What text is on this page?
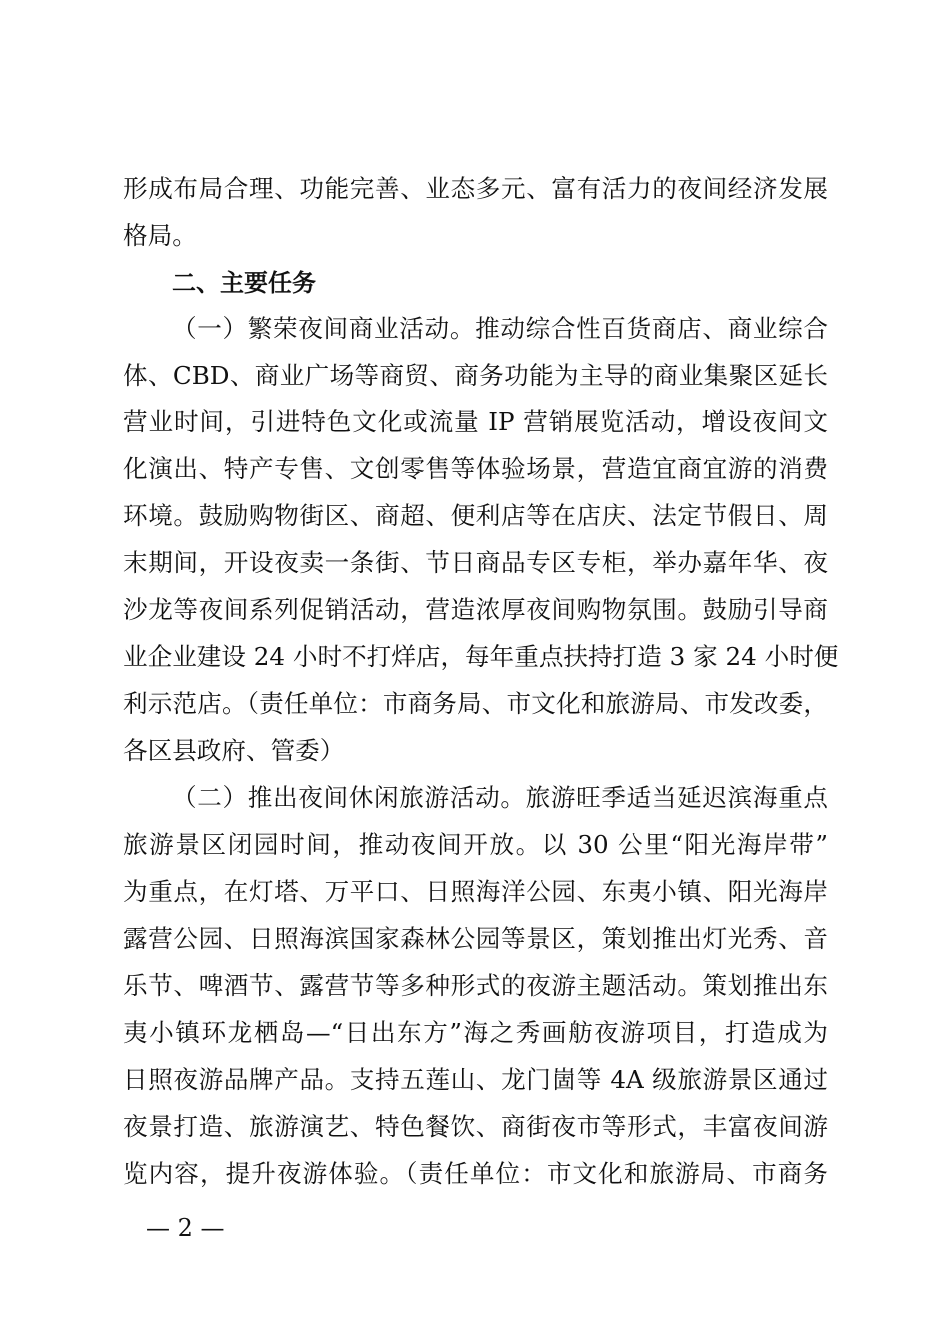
形成布局合理、功能完善、业态多元、富有活力的夜间经济发展
格局。
二、主要任务
（一）繁荣夜间商业活动。推动综合性百货商店、商业综合
体、CBD、商业广场等商贸、商务功能为主导的商业集聚区延长
营业时间，引进特色文化或流量 IP 营销展览活动，增设夜间文
化演出、特产专售、文创零售等体验场景，营造宜商宜游的消费
环境。鼓励购物街区、商超、便利店等在店庆、法定节假日、周
末期间，开设夜卖一条街、节日商品专区专柜，举办嘉年华、夜
沙龙等夜间系列促销活动，营造浓厚夜间购物氛围。鼓励引导商
业企业建设 24 小时不打烊店，每年重点扶持打造 3 家 24 小时便
利示范店。（责任单位：市商务局、市文化和旅游局、市发改委，
各区县政府、管委）
（二）推出夜间休闲旅游活动。旅游旺季适当延迟滨海重点
旅游景区闭园时间，推动夜间开放。以 30 公里“阳光海岸带”
为重点，在灯塔、万平口、日照海洋公园、东夷小镇、阳光海岸
露营公园、日照海滨国家森林公园等景区，策划推出灯光秀、音
乐节、啤酒节、露营节等多种形式的夜游主题活动。策划推出东
夷小镇环龙栖岛—“日出东方”海之秀画舫夜游项目，打造成为
日照夜游品牌产品。支持五莲山、龙门崮等 4A 级旅游景区通过
夜景打造、旅游演艺、特色餐饮、商街夜市等形式，丰富夜间游
览内容，提升夜游体验。（责任单位：市文化和旅游局、市商务
— 2 —
